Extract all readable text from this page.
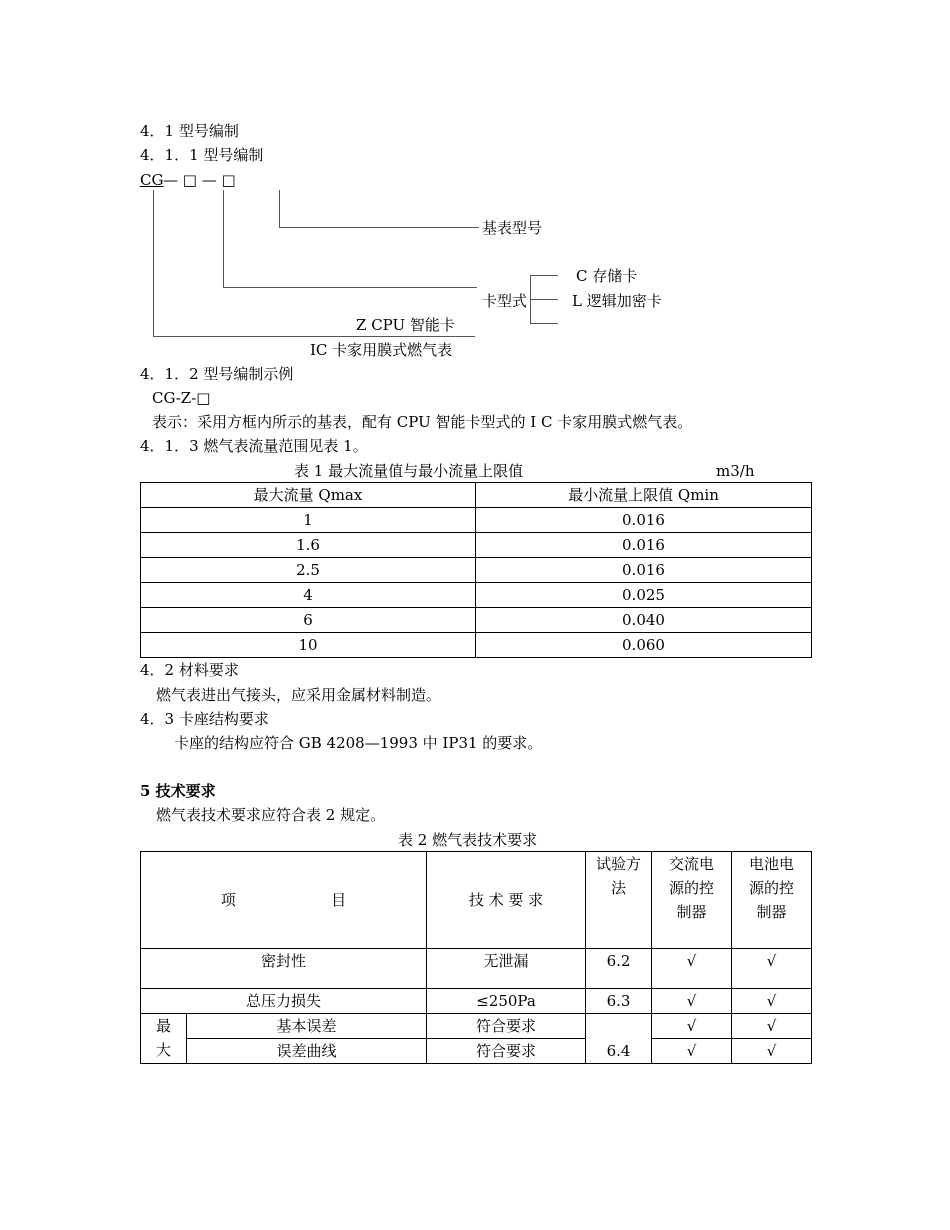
4．1 型号编制
4．1．1 型号编制
CG — □ — □
基表型号
卡型式
C 存储卡
L 逻辑加密卡
Z CPU 智能卡
IC 卡家用膜式燃气表
4．1．2 型号编制示例
CG-Z-□
表示：采用方框内所示的基表，配有 CPU 智能卡型式的 I C 卡家用膜式燃气表。
4．1．3 燃气表流量范围见表 1。
表 1 最大流量值与最小流量上限值	m3/h
最大流量 Qmax	最小流量上限值 Qmin
1	0.016
1.6	0.016
2.5	0.016
4	0.025
6	0.040
10	0.060
4．2 材料要求
燃气表进出气接头，应采用金属材料制造。
4．3 卡座结构要求
卡座的结构应符合 GB 4208—1993 中 IP31 的要求。
5 技术要求
燃气表技术要求应符合表 2 规定。
表 2 燃气表技术要求
项                    目		技 术 要 求	试验方法	交流电源的控制器	电池电源的控制器
密封性		无泄漏	6.2	√	√
总压力损失		≤250Pa	6.3	√	√
最大	基本误差	符合要求	6.4	√	√
	误差曲线	符合要求		√	√
